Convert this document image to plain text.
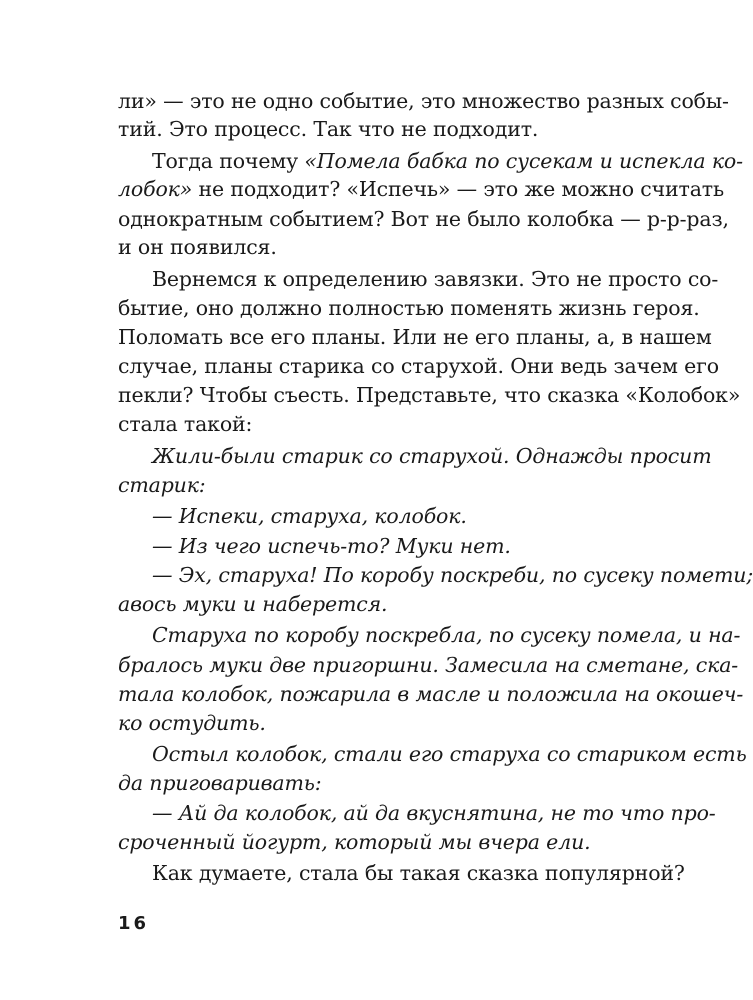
ли» — это не одно событие, это множество разных собы-
тий. Это процесс. Так что не подходит.
Тогда почему «Помела бабка по сусекам и испекла ко-
лобок» не подходит? «Испечь» — это же можно считать
однократным событием? Вот не было колобка — р-р-раз,
и он появился.
Вернемся к определению завязки. Это не просто со-
бытие, оно должно полностью поменять жизнь героя.
Поломать все его планы. Или не его планы, а, в нашем
случае, планы старика со старухой. Они ведь зачем его
пекли? Чтобы съесть. Представьте, что сказка «Колобок»
стала такой:
Жили-были старик со старухой. Однажды просит
старик:
— Испеки, старуха, колобок.
— Из чего испечь-то? Муки нет.
— Эх, старуха! По коробу поскреби, по сусеку помети;
авось муки и наберется.
Старуха по коробу поскребла, по сусеку помела, и на-
бралось муки две пригоршни. Замесила на сметане, ска-
тала колобок, пожарила в масле и положила на окошеч-
ко остудить.
Остыл колобок, стали его старуха со стариком есть
да приговаривать:
— Ай да колобок, ай да вкуснятина, не то что про-
сроченный йогурт, который мы вчера ели.
Как думаете, стала бы такая сказка популярной?
16
